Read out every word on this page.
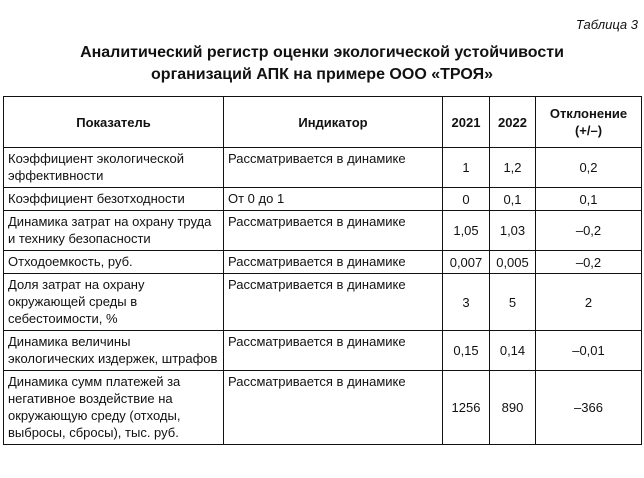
Таблица 3
Аналитический регистр оценки экологической устойчивости
организаций АПК на примере ООО «ТРОЯ»
Показатель	Индикатор	2021	2022	Отклонение (+/–)
Коэффициент экологической эффективности	Рассматривается в динамике	1	1,2	0,2
Коэффициент безотходности	От 0 до 1	0	0,1	0,1
Динамика затрат на охрану труда и технику безопасности	Рассматривается в динамике	1,05	1,03	–0,2
Отходоемкость, руб.	Рассматривается в динамике	0,007	0,005	–0,2
Доля затрат на охрану окружающей среды в себестоимости, %	Рассматривается в динамике	3	5	2
Динамика величины экологических издержек, штрафов	Рассматривается в динамике	0,15	0,14	–0,01
Динамика сумм платежей за негативное воздействие на окружающую среду (отходы, выбросы, сбросы), тыс. руб.	Рассматривается в динамике	1256	890	–366
